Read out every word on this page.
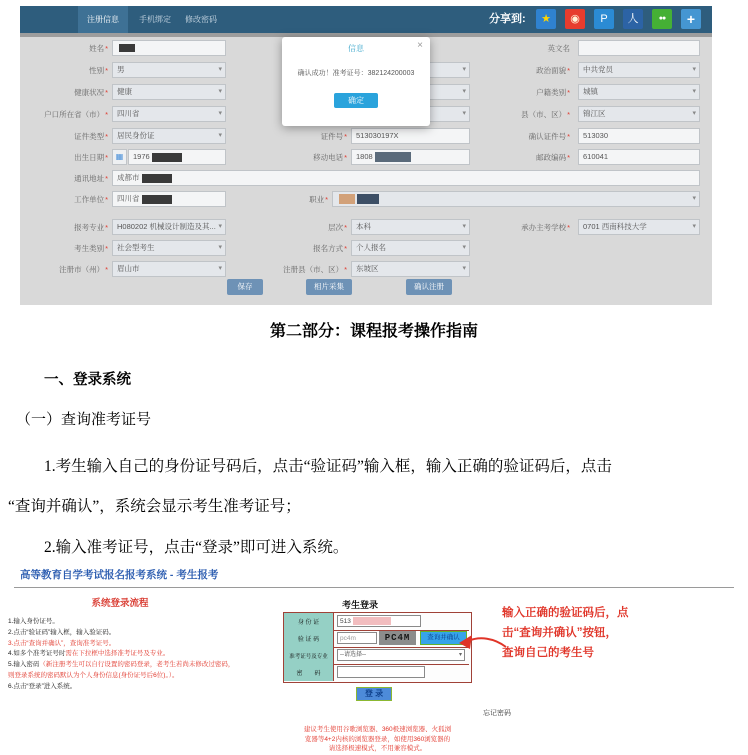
注册信息	手机绑定	修改密码	分享到:	★	◉	P	人	●●	+
姓名*	英文名
性别*	男 ▾ ▾	政治面貌*	中共党员 ▾
健康状况*	健康 ▾ ▾	户籍类别*	城镇 ▾
户口所在省（市）*	四川省 ▾ ▾	县（市、区）*	锦江区 ▾
证件类型*	居民身份证 ▾	证件号*	513030197X	确认证件号*	513030
出生日期* ▦	1976	移动电话*	1808	邮政编码*	610041
通讯地址*	成都市
工作单位*	四川省	职业*
▾
报考专业*	H080202 机械设计制造及其... ▾	层次*	本科 ▾	承办主考学校*	0701 西南科技大学 ▾
考生类别*	社会型考生 ▾	报名方式*	个人报名 ▾
注册市（州）*	眉山市 ▾	注册县（市、区）*	东坡区 ▾
保存	相片采集	确认注册
信息	×
确认成功！准考证号：382124200003
确定
第二部分：课程报考操作指南
一、登录系统
（一）查询准考证号
1.考生输入自己的身份证号码后，点击“验证码”输入框，输入正确的验证码后，点击
“查询并确认”，系统会显示考生准考证号；
2.输入准考证号，点击“登录”即可进入系统。
高等教育自学考试报名报考系统 - 考生报考
系统登录流程
1.输入身份证号。
2.点击“验证码”输入框，输入验证码。
3.点击“查询并确认”，查询准考证号。
4.如多个准考证号时需在下拉框中选择准考证号及专业。
5.输入密码（新注册考生可以自行设置的密码登录，老考生若尚未修改过密码，则登录系统的密码默认为个人身份信息(身份证号后6位)。）。
6.点击“登录”进入系统。
考生登录
身 份 证	513
验 证 码	pc4m	PC4M	查询并确认
准考证号及专业	--请选择-- ▾
密　　码
登 录
忘记密码
输入正确的验证码后，点
击“查询并确认”按钮，
查询自己的考生号
建议考生使用谷歌浏览器、360极速浏览器、火狐浏
览器等4+2内核的浏览器登录，如使用360浏览器的
请选择极速模式，不用兼容模式。
